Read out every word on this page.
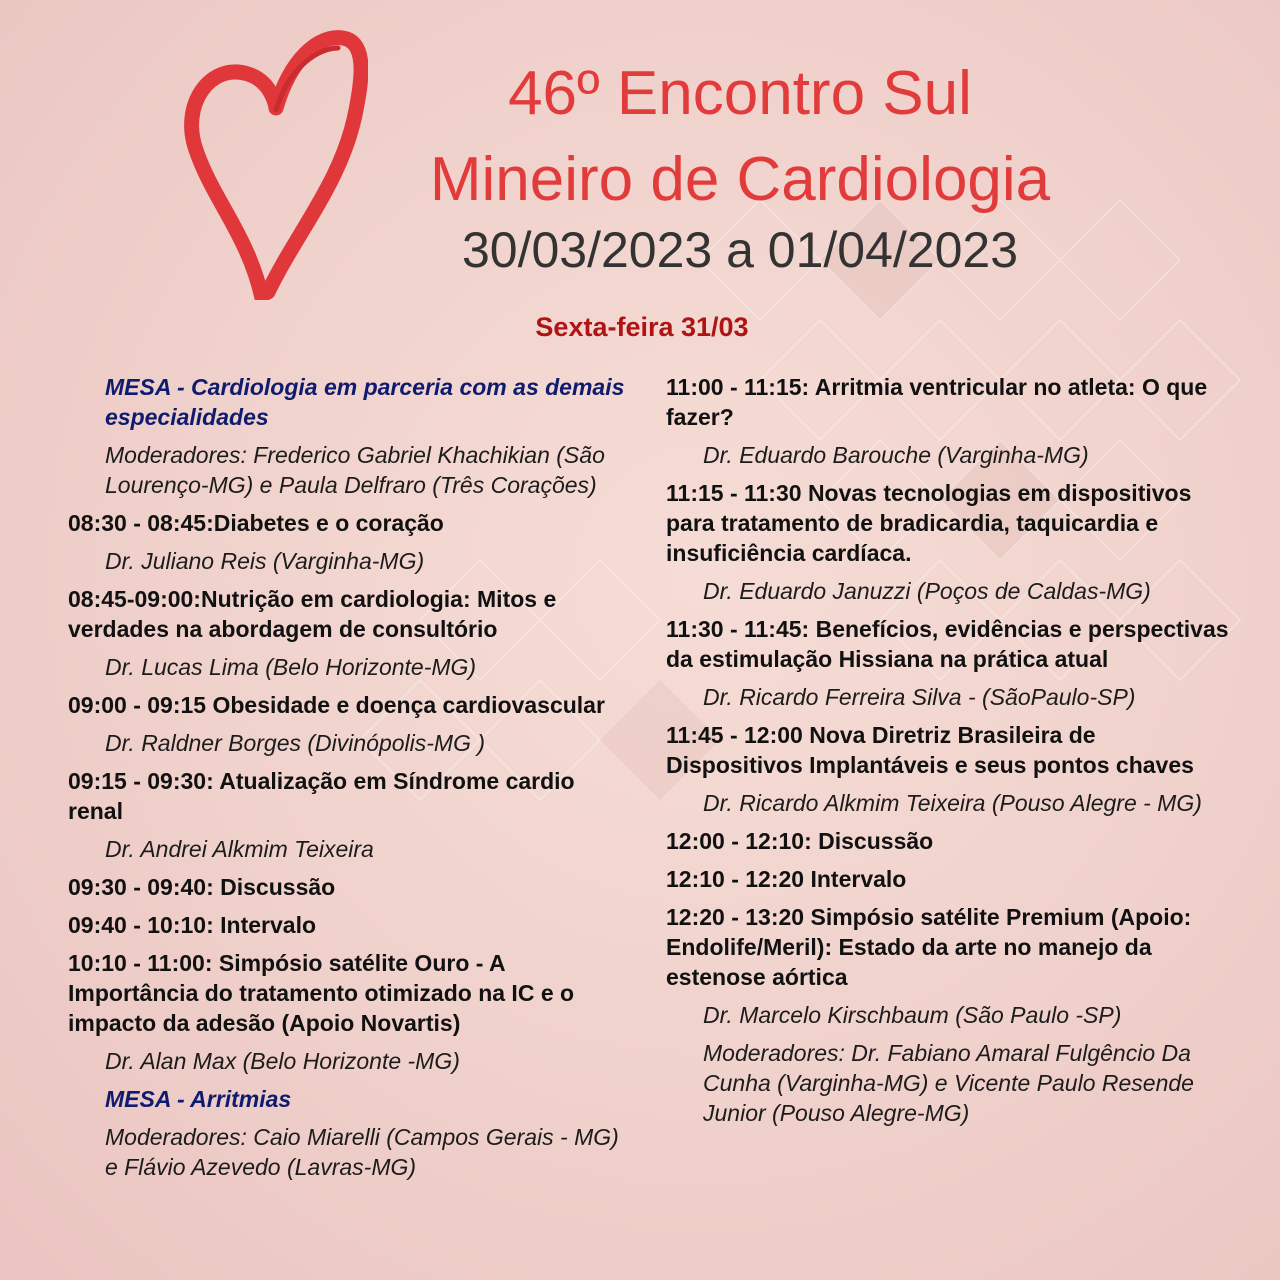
46º Encontro Sul
Mineiro de Cardiologia
30/03/2023 a 01/04/2023
Sexta-feira 31/03

MESA - Cardiologia em parceria com as demais especialidades

Moderadores: Frederico Gabriel Khachikian (São Lourenço-MG) e Paula Delfraro (Três Corações)

08:30 - 08:45:Diabetes e o coração

Dr. Juliano Reis (Varginha-MG)

08:45-09:00:Nutrição em cardiologia: Mitos e verdades na abordagem de consultório

Dr. Lucas Lima (Belo Horizonte-MG)

09:00 - 09:15 Obesidade e doença cardiovascular

Dr. Raldner Borges (Divinópolis-MG )

09:15 - 09:30: Atualização em Síndrome cardio renal

Dr. Andrei Alkmim Teixeira

09:30 - 09:40: Discussão

09:40 - 10:10: Intervalo

10:10 - 11:00: Simpósio satélite Ouro - A Importância do tratamento otimizado na IC e o impacto da adesão (Apoio Novartis)

Dr. Alan Max (Belo Horizonte -MG)

MESA - Arritmias

Moderadores: Caio Miarelli (Campos Gerais - MG) e Flávio Azevedo (Lavras-MG)

11:00 - 11:15: Arritmia ventricular no atleta: O que fazer?

Dr. Eduardo Barouche (Varginha-MG)

11:15 - 11:30 Novas tecnologias em dispositivos para tratamento de bradicardia, taquicardia e insuficiência cardíaca.

Dr. Eduardo Januzzi (Poços de Caldas-MG)

11:30 - 11:45: Benefícios, evidências e perspectivas da estimulação Hissiana na prática atual

Dr. Ricardo Ferreira Silva - (SãoPaulo-SP)

11:45 - 12:00 Nova Diretriz Brasileira de Dispositivos Implantáveis e seus pontos chaves

Dr. Ricardo Alkmim Teixeira (Pouso Alegre - MG)

12:00 - 12:10: Discussão

12:10 - 12:20 Intervalo

12:20 - 13:20 Simpósio satélite Premium (Apoio: Endolife/Meril): Estado da arte no manejo da estenose aórtica

Dr. Marcelo Kirschbaum (São Paulo -SP)

Moderadores: Dr. Fabiano Amaral Fulgêncio Da Cunha (Varginha-MG) e Vicente Paulo Resende Junior (Pouso Alegre-MG)
